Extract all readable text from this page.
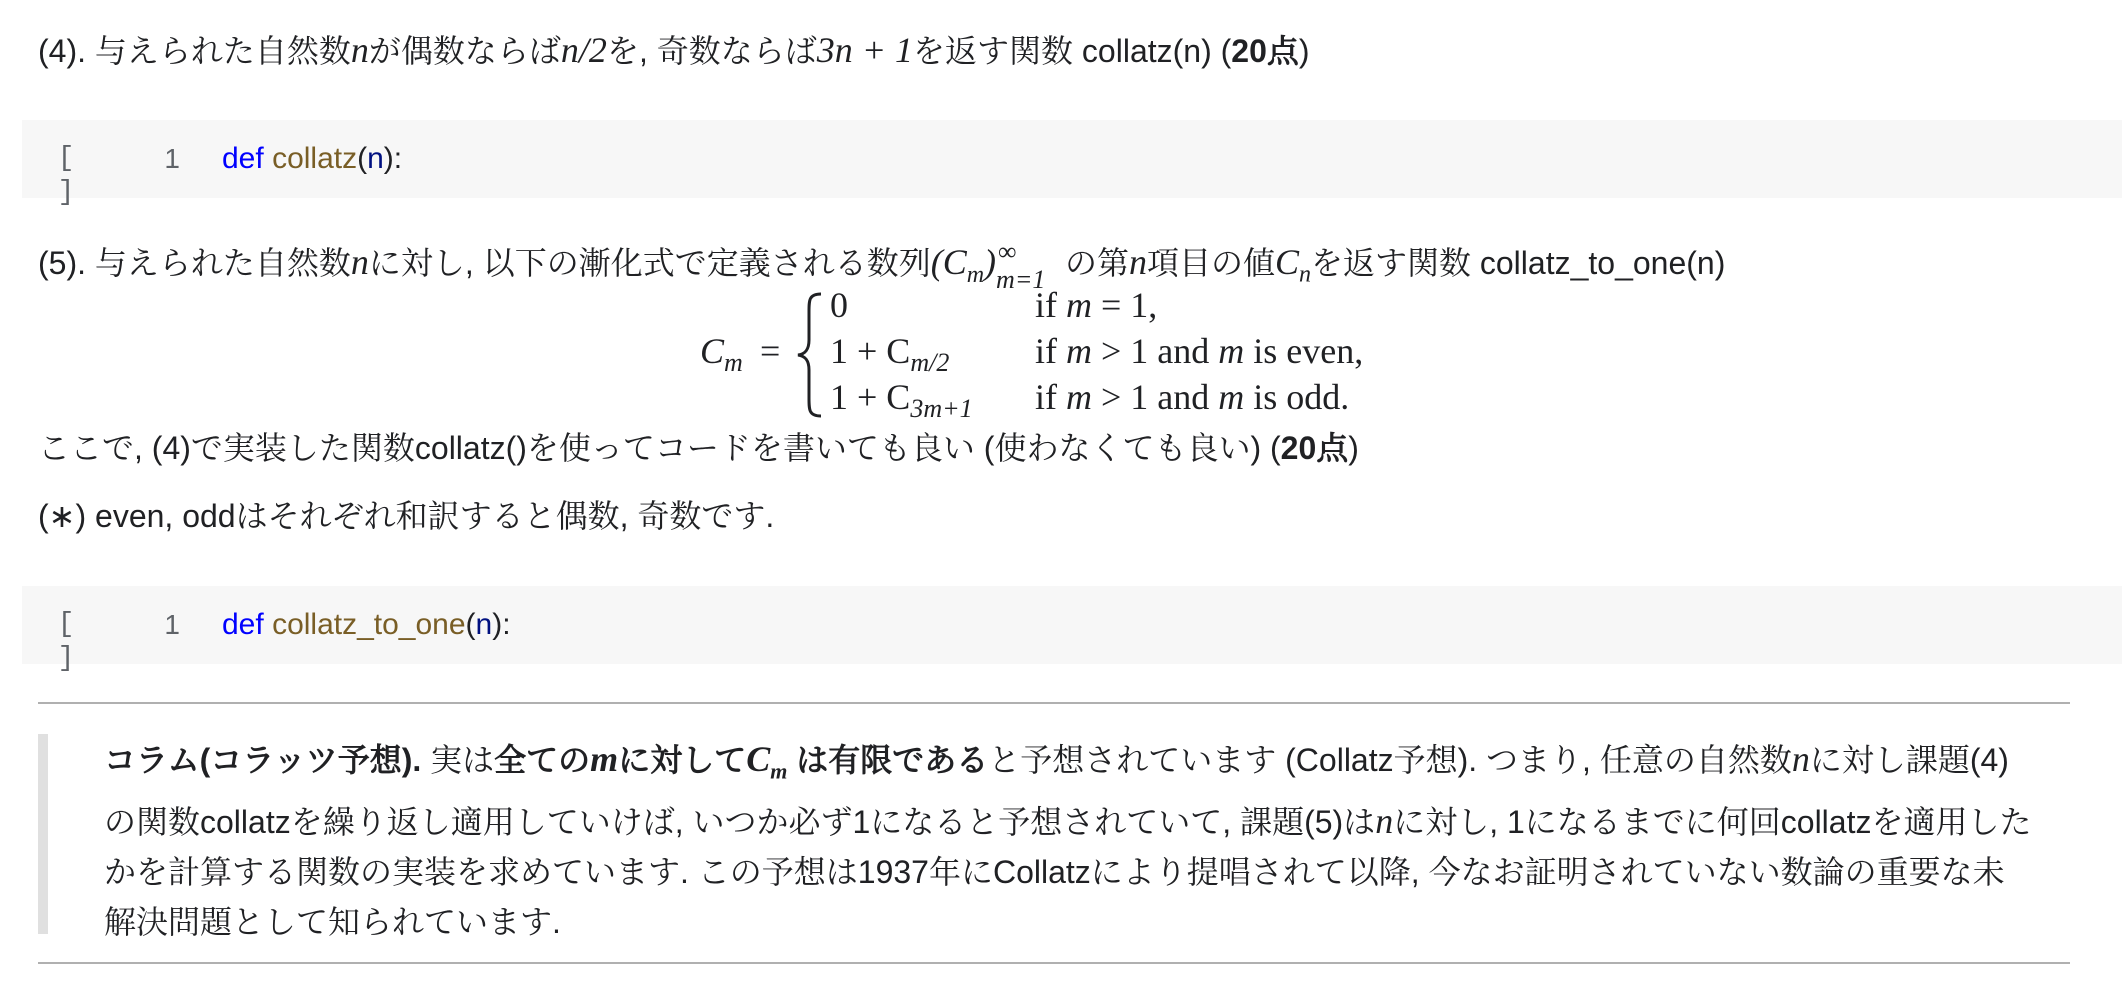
(4). 与えられた自然数nが偶数ならばn/2を, 奇数ならば3n + 1を返す関数 collatz(n) (20点)
[ ]
1 def collatz(n):
(5). 与えられた自然数nに対し, 以下の漸化式で定義される数列$(C_m)$ ∞
m=1 の第n項目の値$C_n$を返す関数 collatz_to_one(n)
$C_m$ =
0	if m = 1,
$1 + C_{m/2}$ if m > 1 and m is even,
$1 + C_{3m+1}$ if m > 1 and m is odd.
ここで, (4)で実装した関数collatz()を使ってコードを書いても良い (使わなくても良い) (20点)
(∗) even, oddはそれぞれ和訳すると偶数, 奇数です.
[ ]
1 def collatz_to_one(n):
コラム(コラッツ予想). 実は全てのmに対して$C_m$ は有限であると予想されています (Collatz予想). つまり, 任意の自然数nに対し課題(4)の関数collatzを繰り返し適用していけば, いつか必ず1になると予想されていて, 課題(5)はnに対し, 1になるまでに何回collatzを適用したかを計算する関数の実装を求めています. この予想は1937年にCollatzにより提唱されて以降, 今なお証明されていない数論の重要な未解決問題として知られています.
